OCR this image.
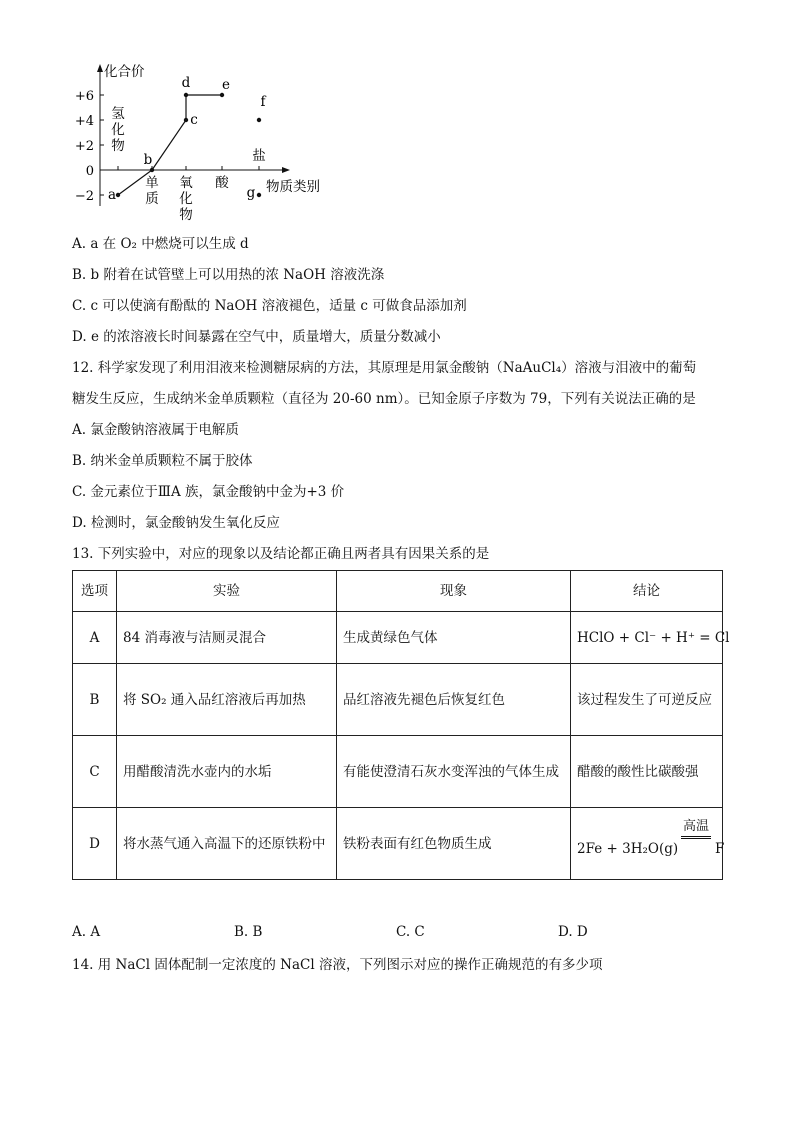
化合价
物质类别
+6
+4
+2
0
−2
氢化物
单质
氧化物
酸
盐
a
b
c
d e
f
g
A. a 在 O₂ 中燃烧可以生成 d
B. b 附着在试管壁上可以用热的浓 NaOH 溶液洗涤
C. c 可以使滴有酚酞的 NaOH 溶液褪色，适量 c 可做食品添加剂
D. e 的浓溶液长时间暴露在空气中，质量增大，质量分数减小
12. 科学家发现了利用泪液来检测糖尿病的方法，其原理是用氯金酸钠（NaAuCl₄）溶液与泪液中的葡萄
糖发生反应，生成纳米金单质颗粒（直径为 20-60 nm）。已知金原子序数为 79，下列有关说法正确的是
A. 氯金酸钠溶液属于电解质
B. 纳米金单质颗粒不属于胶体
C. 金元素位于ⅢA 族，氯金酸钠中金为+3 价
D. 检测时，氯金酸钠发生氧化反应
13. 下列实验中，对应的现象以及结论都正确且两者具有因果关系的是
选项	实验	现象	结论
A	84 消毒液与洁厕灵混合	生成黄绿色气体	HClO + Cl⁻ + H⁺ = Cl

B	将 SO₂ 通入品红溶液后再加热	品红溶液先褪色后恢复红色	该过程发生了可逆反应
C	用醋酸清洗水壶内的水垢	有能使澄清石灰水变浑浊的气体生成	醋酸的酸性比碳酸强
D	将水蒸气通入高温下的还原铁粉中	铁粉表面有红色物质生成	2Fe + 3H₂O(g)
高温
F
A. A	B. B	C. C	D. D
14. 用 NaCl 固体配制一定浓度的 NaCl 溶液，下列图示对应的操作正确规范的有多少项
